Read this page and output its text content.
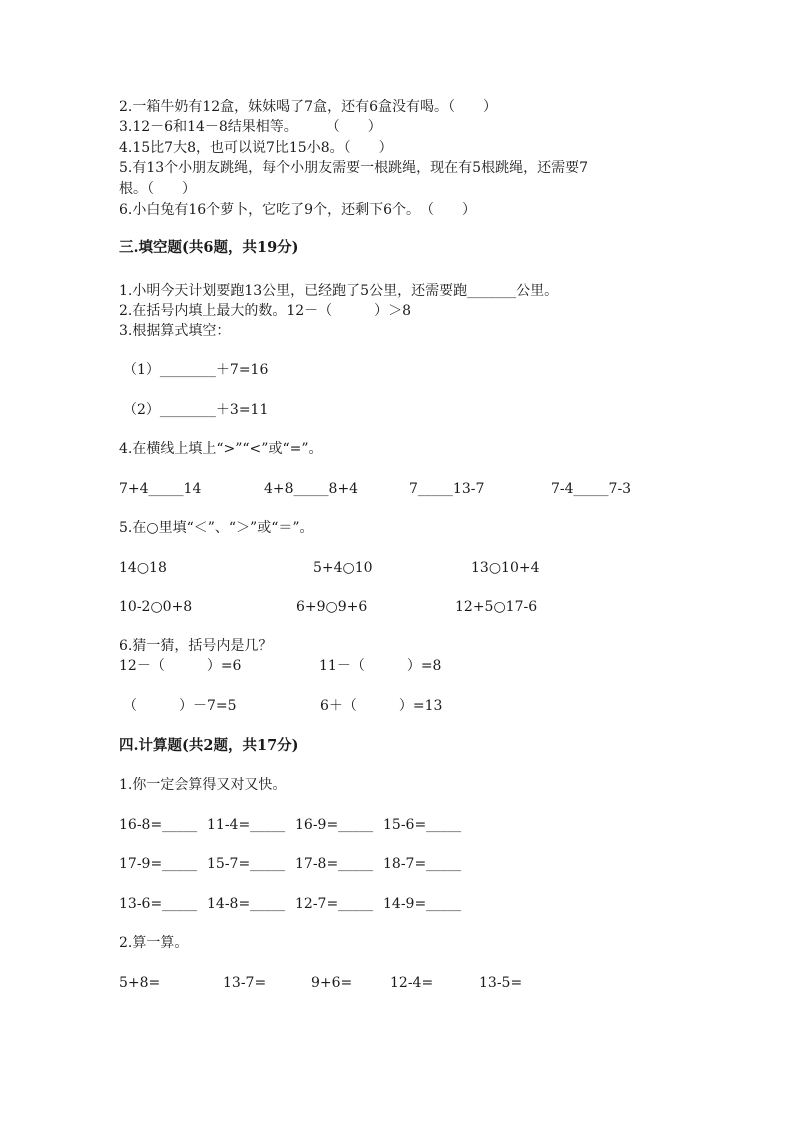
2.一箱牛奶有12盒，妹妹喝了7盒，还有6盒没有喝。（　　）
3.12－6和14－8结果相等。　　　（　　）
4.15比7大8，也可以说7比15小8。（　　）
5.有13个小朋友跳绳，每个小朋友需要一根跳绳，现在有5根跳绳，还需要7
根。（　　）
6.小白兔有16个萝卜，它吃了9个，还剩下6个。　（　　）
三.填空题(共6题，共19分)
1.小明今天计划要跑13公里，已经跑了5公里，还需要跑_______公里。
2.在括号内填上最大的数。12－（　　　）＞8
3.根据算式填空：
（1）________＋7=16
（2）________＋3=11
4.在横线上填上“>”“<”或“=”。
7+4_____14	4+8_____8+4	7_____13-7	7-4_____7-3
5.在○里填“＜”、“＞”或“＝”。
14○18	5+4○10	13○10+4
10-2○0+8	6+9○9+6	12+5○17-6
6.猜一猜，括号内是几？
12－（　　　）=6	11－（　　　）=8
（　　　）－7=5	6＋（　　　）=13
四.计算题(共2题，共17分)
1.你一定会算得又对又快。
16-8=_____ 11-4=_____ 16-9=_____ 15-6=_____
17-9=_____ 15-7=_____ 17-8=_____ 18-7=_____
13-6=_____ 14-8=_____ 12-7=_____ 14-9=_____
2.算一算。
5+8=	13-7=	9+6=	12-4=	13-5=
